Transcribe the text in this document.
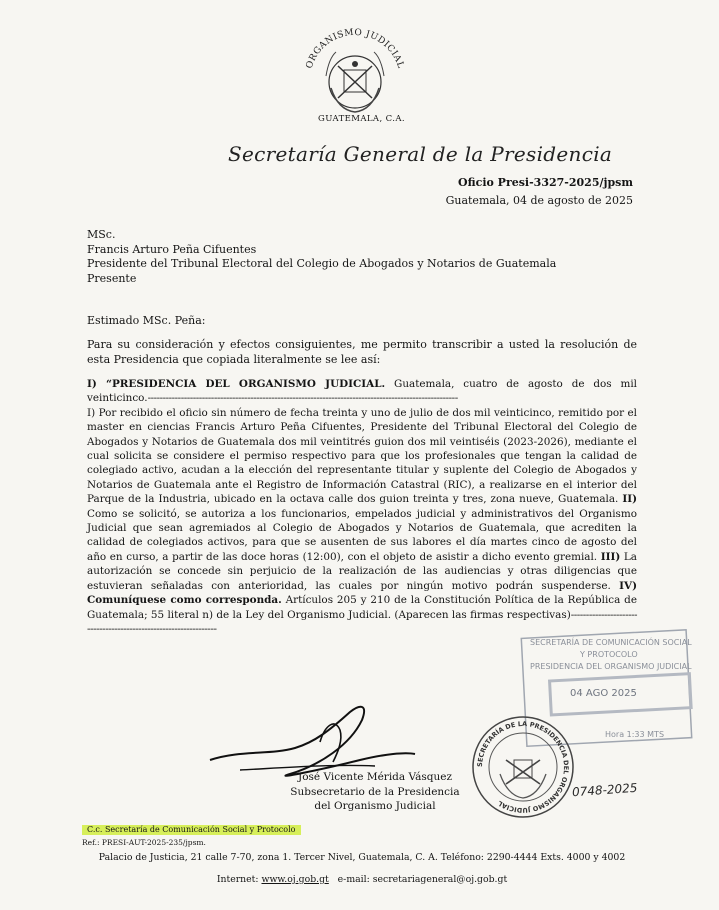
ORGANISMO JUDICIAL
GUATEMALA, C.A.
Secretaría General de la Presidencia
Oficio Presi-3327-2025/jpsm
Guatemala, 04 de agosto de 2025
MSc.
Francis Arturo Peña Cifuentes
Presidente del Tribunal Electoral del Colegio de Abogados y Notarios de Guatemala
Presente
Estimado MSc. Peña:
Para su consideración y efectos consiguientes, me permito transcribir a usted la resolución de esta Presidencia que copiada literalmente se lee así:
I) “PRESIDENCIA DEL ORGANISMO JUDICIAL. Guatemala, cuatro de agosto de dos mil veinticinco.-------------------------------------------------------------------------------------------------------
I) Por recibido el oficio sin número de fecha treinta y uno de julio de dos mil veinticinco, remitido por el master en ciencias Francis Arturo Peña Cifuentes, Presidente del Tribunal Electoral del Colegio de Abogados y Notarios de Guatemala dos mil veintitrés guion dos mil veintiséis (2023-2026), mediante el cual solicita se considere el permiso respectivo para que los profesionales que tengan la calidad de colegiado activo, acudan a la elección del representante titular y suplente del Colegio de Abogados y Notarios de Guatemala ante el Registro de Información Catastral (RIC), a realizarse en el interior del Parque de la Industria, ubicado en la octava calle dos guion treinta y tres, zona nueve, Guatemala. II) Como se solicitó, se autoriza a los funcionarios, empelados judicial y administrativos del Organismo Judicial que sean agremiados al Colegio de Abogados y Notarios de Guatemala, que acrediten la calidad de colegiados activos, para que se ausenten de sus labores el día martes cinco de agosto del año en curso, a partir de las doce horas (12:00), con el objeto de asistir a dicho evento gremial. III) La autorización se concede sin perjuicio de la realización de las audiencias y otras diligencias que estuvieran señaladas con anterioridad, las cuales por ningún motivo podrán suspenderse. IV) Comuníquese como corresponda. Artículos 205 y 210 de la Constitución Política de la República de Guatemala; 55 literal n) de la Ley del Organismo Judicial. (Aparecen las firmas respectivas)-----------------------------------------------------------------
SECRETARÍA DE COMUNICACIÓN SOCIAL
Y PROTOCOLO
PRESIDENCIA DEL ORGANISMO JUDICIAL
04 AGO 2025
Hora 1:33 MTS
José Vicente Mérida Vásquez
Subsecretario de la Presidencia
del Organismo Judicial
SECRETARÍA DE LA PRESIDENCIA DEL ORGANISMO JUDICIAL
0748-2025
C.c. Secretaría de Comunicación Social y Protocolo
Ref.: PRESI-AUT-2025-235/jpsm.
Palacio de Justicia, 21 calle 7-70, zona 1. Tercer Nivel, Guatemala, C. A. Teléfono: 2290-4444 Exts. 4000 y 4002
Internet: www.oj.gob.gt e-mail: secretariageneral@oj.gob.gt
